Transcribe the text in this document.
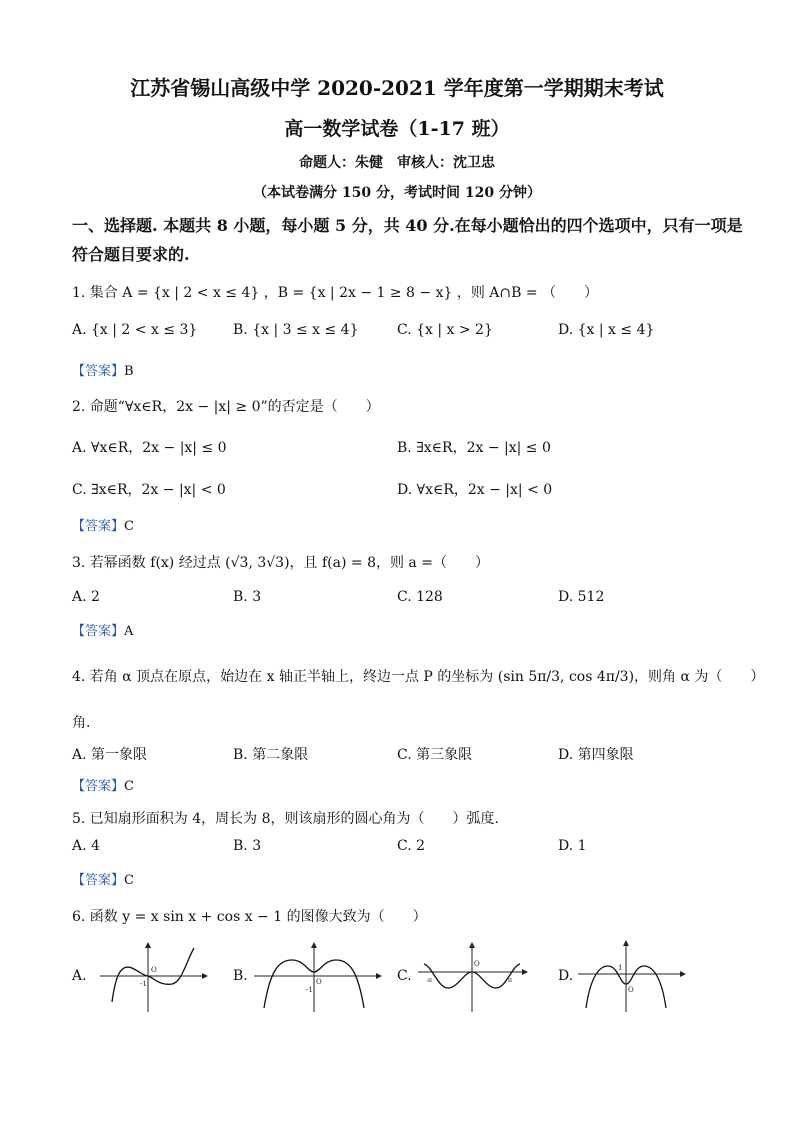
江苏省锡山高级中学 2020-2021 学年度第一学期期末考试
高一数学试卷（1-17 班）
命题人：朱健　审核人：沈卫忠
（本试卷满分 150 分，考试时间 120 分钟）
一、选择题. 本题共 8 小题，每小题 5 分，共 40 分.在每小题恰出的四个选项中，只有一项是
符合题目要求的.
1. 集合 A = {x | 2 < x ≤ 4} ，B = {x | 2x − 1 ≥ 8 − x} ，则 A∩B = （　　）
A. {x | 2 < x ≤ 3}	B. {x | 3 ≤ x ≤ 4}	C. {x | x > 2}	D. {x | x ≤ 4}
【答案】B
2. 命题“∀x∈R，2x − |x| ≥ 0”的否定是（　　）
A. ∀x∈R，2x − |x| ≤ 0	B. ∃x∈R，2x − |x| ≤ 0
C. ∃x∈R，2x − |x| < 0	D. ∀x∈R，2x − |x| < 0
【答案】C
3. 若幂函数 f(x) 经过点 (√3, 3√3)，且 f(a) = 8，则 a =（　　）
A. 2	B. 3	C. 128	D. 512
【答案】A
4. 若角 α 顶点在原点，始边在 x 轴正半轴上，终边一点 P 的坐标为 (sin 5π/3, cos 4π/3)，则角 α 为（　　）
角.
A. 第一象限	B. 第二象限	C. 第三象限	D. 第四象限
【答案】C
5. 已知扇形面积为 4，周长为 8，则该扇形的圆心角为（　　）弧度.
A. 4	B. 3	C. 2	D. 1
【答案】C
6. 函数 y = x sin x + cos x − 1 的图像大致为（　　）
A.	-1
O	B.
-1
O	C.
O
-π	π	D.	1
O
